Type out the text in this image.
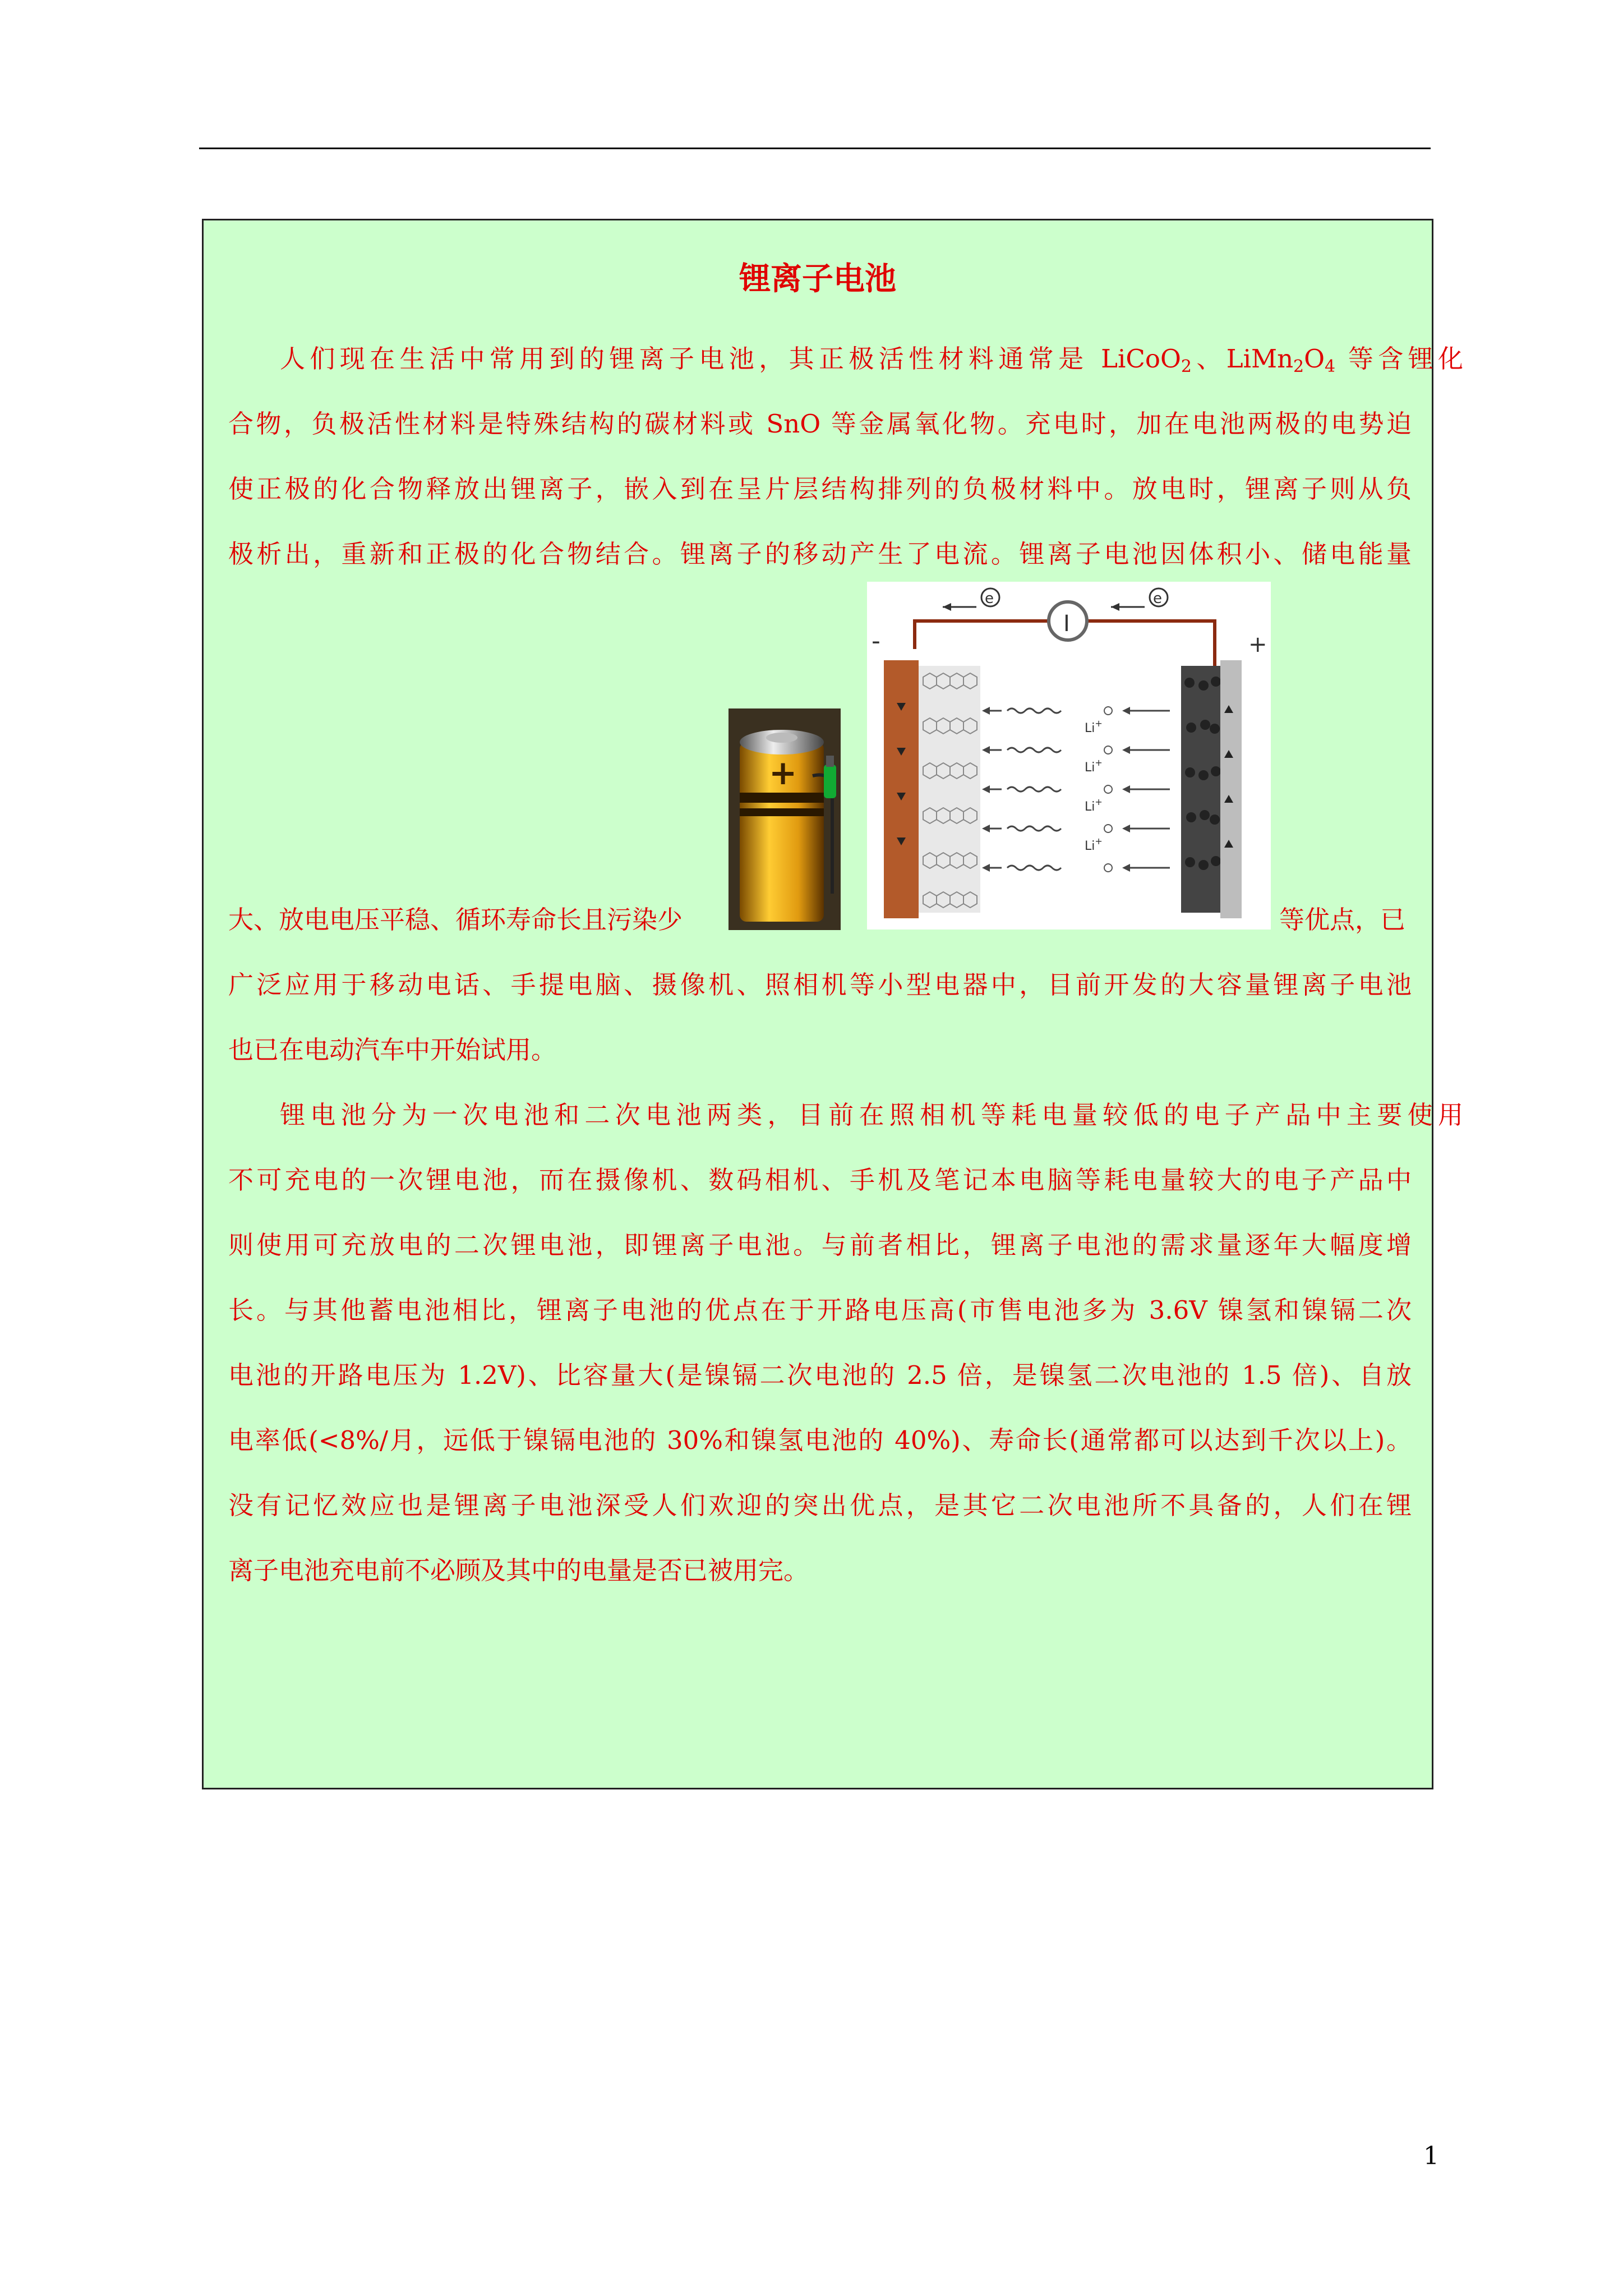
锂离子电池
人们现在生活中常用到的锂离子电池，其正极活性材料通常是 LiCoO$_2$、$LiMn_2O_4$ 等含锂化
合物，负极活性材料是特殊结构的碳材料或 SnO 等金属氧化物。充电时，加在电池两极的电势迫
使正极的化合物释放出锂离子，嵌入到在呈片层结构排列的负极材料中。放电时，锂离子则从负
极析出，重新和正极的化合物结合。锂离子的移动产生了电流。锂离子电池因体积小、储电能量
大、放电电压平稳、循环寿命长且污染少	等优点，已
广泛应用于移动电话、手提电脑、摄像机、照相机等小型电器中，目前开发的大容量锂离子电池
也已在电动汽车中开始试用。
锂电池分为一次电池和二次电池两类，目前在照相机等耗电量较低的电子产品中主要使用
不可充电的一次锂电池，而在摄像机、数码相机、手机及笔记本电脑等耗电量较大的电子产品中
则使用可充放电的二次锂电池，即锂离子电池。与前者相比，锂离子电池的需求量逐年大幅度增
长。与其他蓄电池相比，锂离子电池的优点在于开路电压高(市售电池多为 3.6V 镍氢和镍镉二次
电池的开路电压为 1.2V)、比容量大(是镍镉二次电池的 2.5 倍，是镍氢二次电池的 1.5 倍)、自放
电率低(<8%/月，远低于镍镉电池的 30%和镍氢电池的 40%)、寿命长(通常都可以达到千次以上)。
没有记忆效应也是锂离子电池深受人们欢迎的突出优点，是其它二次电池所不具备的，人们在锂
离子电池充电前不必顾及其中的电量是否已被用完。
+
I
e	e
-	+
Li+
Li+
Li+
Li+
1
